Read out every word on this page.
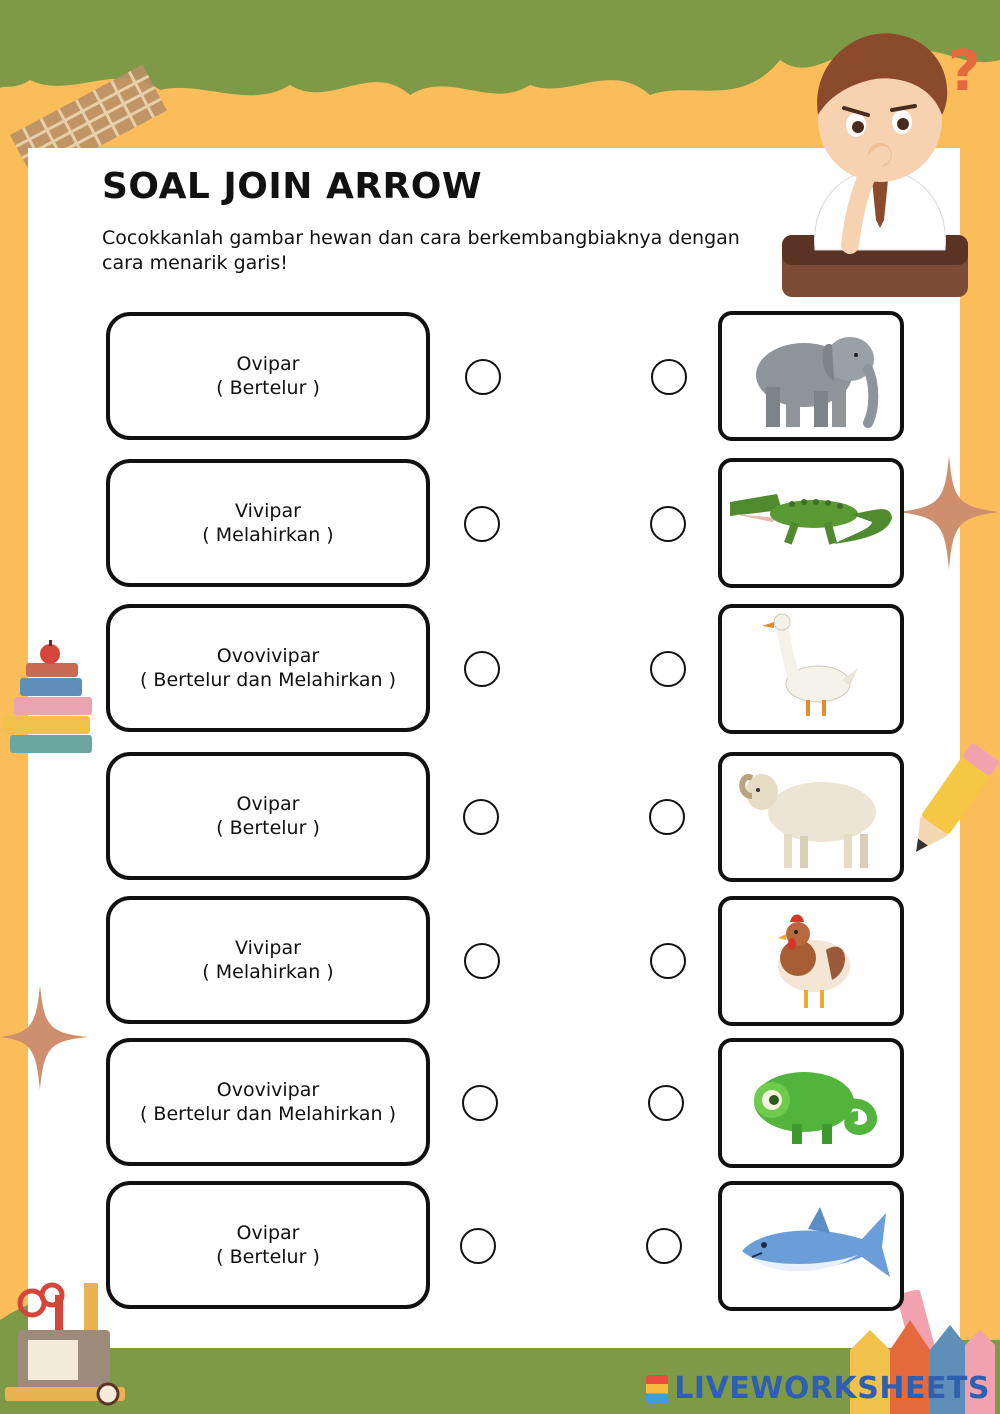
?
SOAL JOIN ARROW
Cocokkanlah gambar hewan dan cara berkembangbiaknya dengan cara menarik garis!
Ovipar
( Bertelur )
Vivipar
( Melahirkan )
Ovovivipar
( Bertelur dan Melahirkan )
Ovipar
( Bertelur )
Vivipar
( Melahirkan )
Ovovivipar
( Bertelur dan Melahirkan )
Ovipar
( Bertelur )
LIVEWORKSHEETS
